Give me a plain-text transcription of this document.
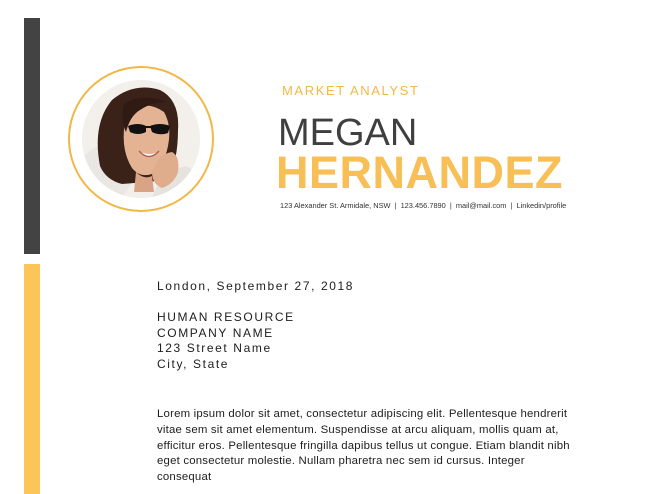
MARKET ANALYST

MEGAN

HERNANDEZ

123 Alexander St. Armidale, NSW | 123.456.7890 | mail@mail.com | Linkedin/profile

London, September 27, 2018

HUMAN RESOURCE
COMPANY NAME
123 Street Name
City, State

Lorem ipsum dolor sit amet, consectetur adipiscing elit. Pellentesque hendrerit vitae sem sit amet elementum. Suspendisse at arcu aliquam, mollis quam at, efficitur eros. Pellentesque fringilla dapibus tellus ut congue. Etiam blandit nibh eget consectetur molestie. Nullam pharetra nec sem id cursus. Integer consequat
